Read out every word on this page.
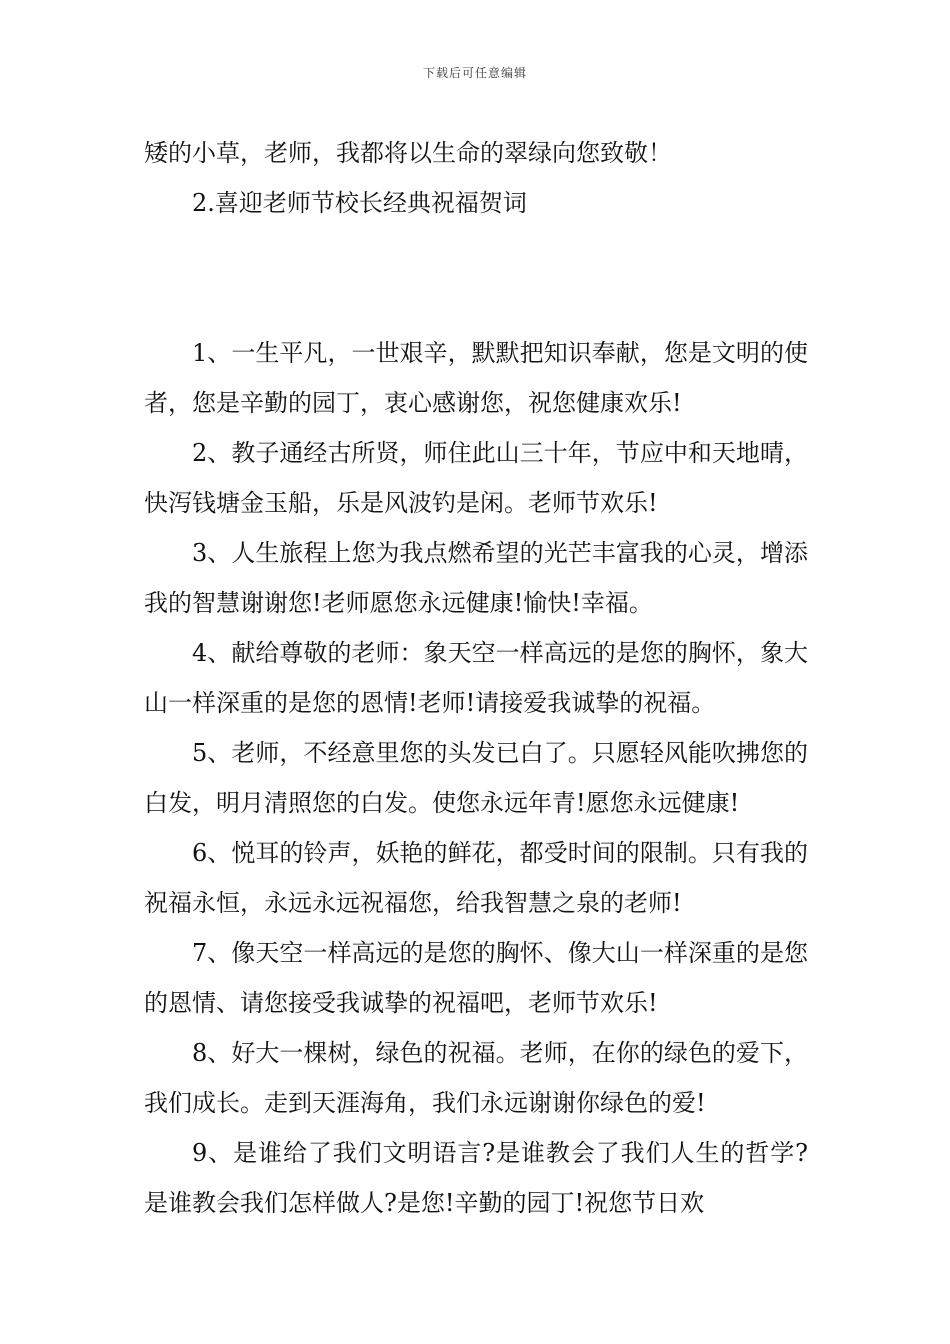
下载后可任意编辑

矮的小草，老师，我都将以生命的翠绿向您致敬！

2.喜迎老师节校长经典祝福贺词

1、一生平凡，一世艰辛，默默把知识奉献，您是文明的使者，您是辛勤的园丁，衷心感谢您，祝您健康欢乐!

2、教子通经古所贤，师住此山三十年，节应中和天地晴，快泻钱塘金玉船，乐是风波钓是闲。老师节欢乐!

3、人生旅程上您为我点燃希望的光芒丰富我的心灵，增添我的智慧谢谢您!老师愿您永远健康!愉快!幸福。

4、献给尊敬的老师：象天空一样高远的是您的胸怀，象大山一样深重的是您的恩情!老师!请接爱我诚挚的祝福。

5、老师，不经意里您的头发已白了。只愿轻风能吹拂您的白发，明月清照您的白发。使您永远年青!愿您永远健康!

6、悦耳的铃声，妖艳的鲜花，都受时间的限制。只有我的祝福永恒，永远永远祝福您，给我智慧之泉的老师!

7、像天空一样高远的是您的胸怀、像大山一样深重的是您的恩情、请您接受我诚挚的祝福吧，老师节欢乐!

8、好大一棵树，绿色的祝福。老师，在你的绿色的爱下，我们成长。走到天涯海角，我们永远谢谢你绿色的爱!

9、是谁给了我们文明语言?是谁教会了我们人生的哲学?是谁教会我们怎样做人?是您!辛勤的园丁!祝您节日欢
